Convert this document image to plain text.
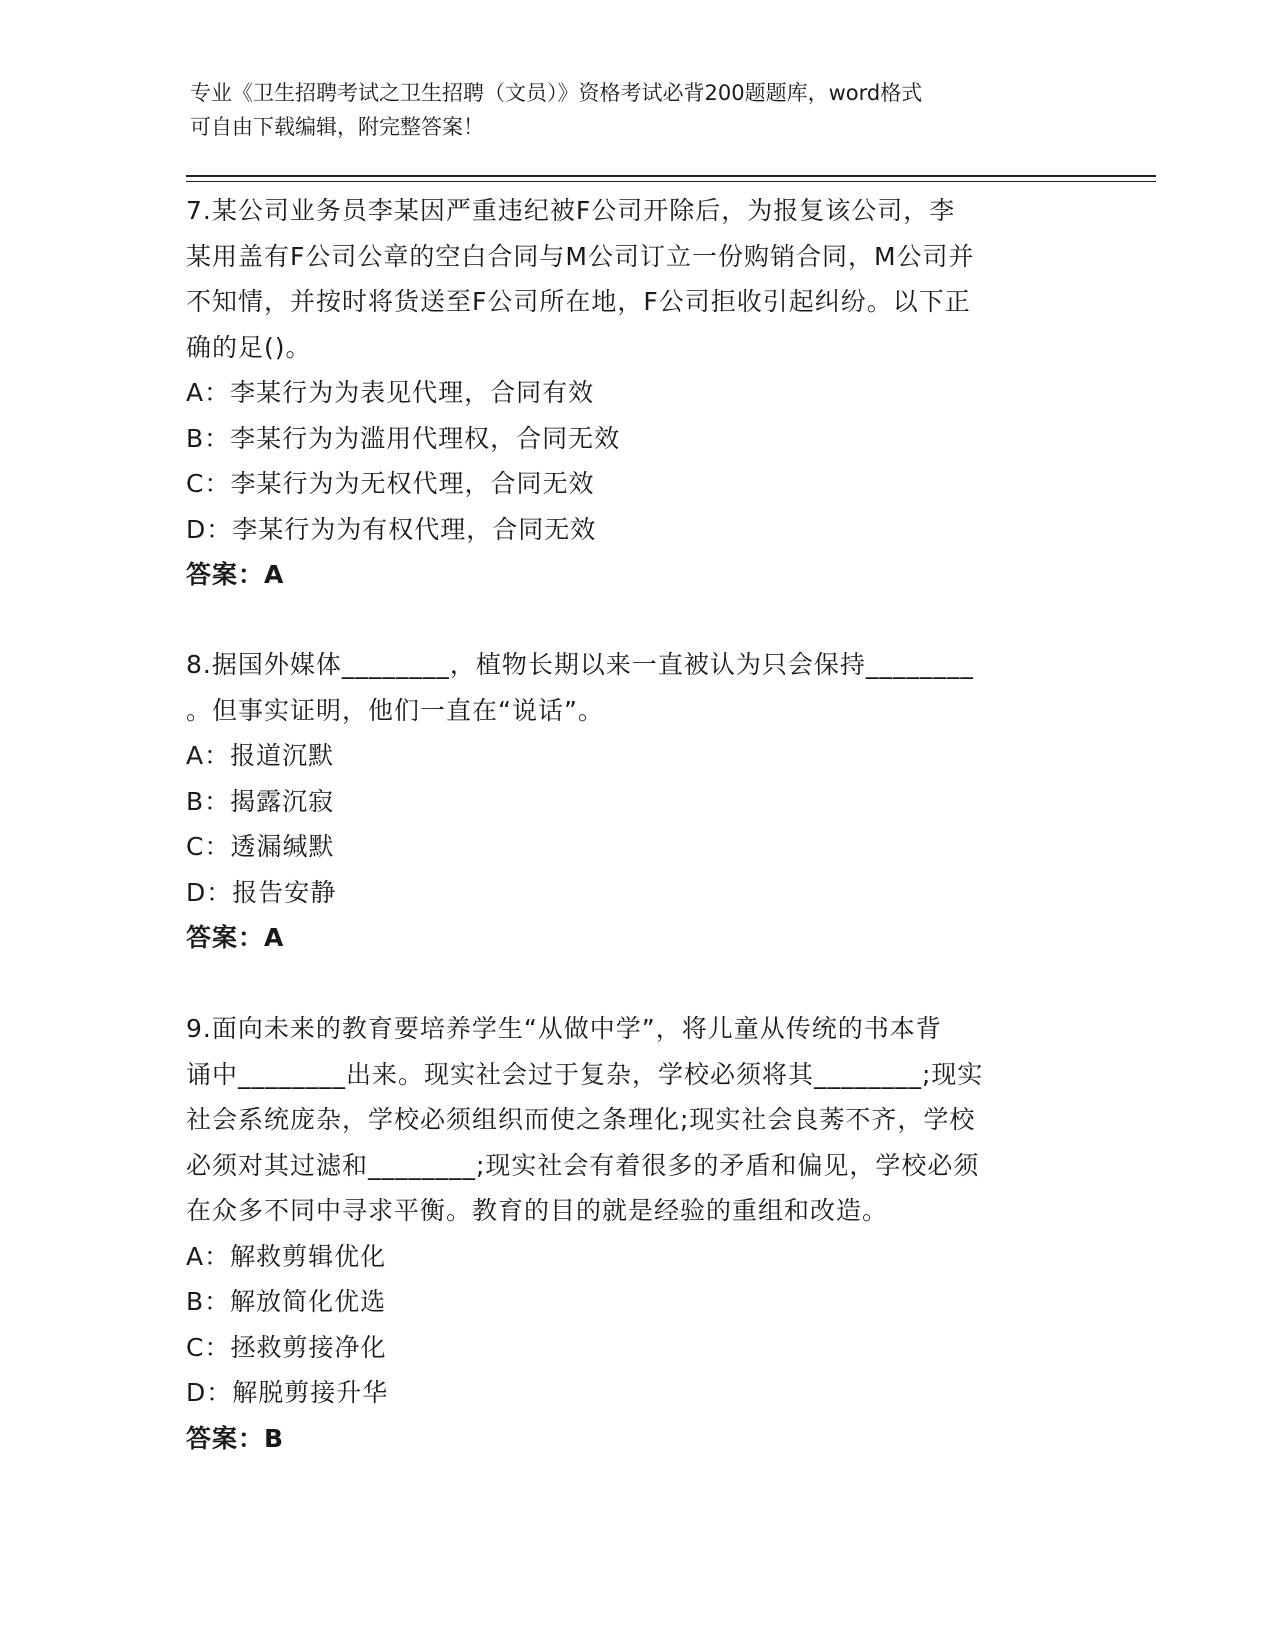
专业《卫生招聘考试之卫生招聘（文员）》资格考试必背200题题库，word格式
可自由下载编辑，附完整答案！
7.某公司业务员李某因严重违纪被F公司开除后，为报复该公司，李
某用盖有F公司公章的空白合同与M公司订立一份购销合同，M公司并
不知情，并按时将货送至F公司所在地，F公司拒收引起纠纷。以下正
确的足()。
A：李某行为为表见代理，合同有效
B：李某行为为滥用代理权，合同无效
C：李某行为为无权代理，合同无效
D：李某行为为有权代理，合同无效
答案：A
8.据国外媒体________，植物长期以来一直被认为只会保持________
。但事实证明，他们一直在“说话”。
A：报道沉默
B：揭露沉寂
C：透漏缄默
D：报告安静
答案：A
9.面向未来的教育要培养学生“从做中学”，将儿童从传统的书本背
诵中________出来。现实社会过于复杂，学校必须将其________;现实
社会系统庞杂，学校必须组织而使之条理化;现实社会良莠不齐，学校
必须对其过滤和________;现实社会有着很多的矛盾和偏见，学校必须
在众多不同中寻求平衡。教育的目的就是经验的重组和改造。
A：解救剪辑优化
B：解放简化优选
C：拯救剪接净化
D：解脱剪接升华
答案：B
